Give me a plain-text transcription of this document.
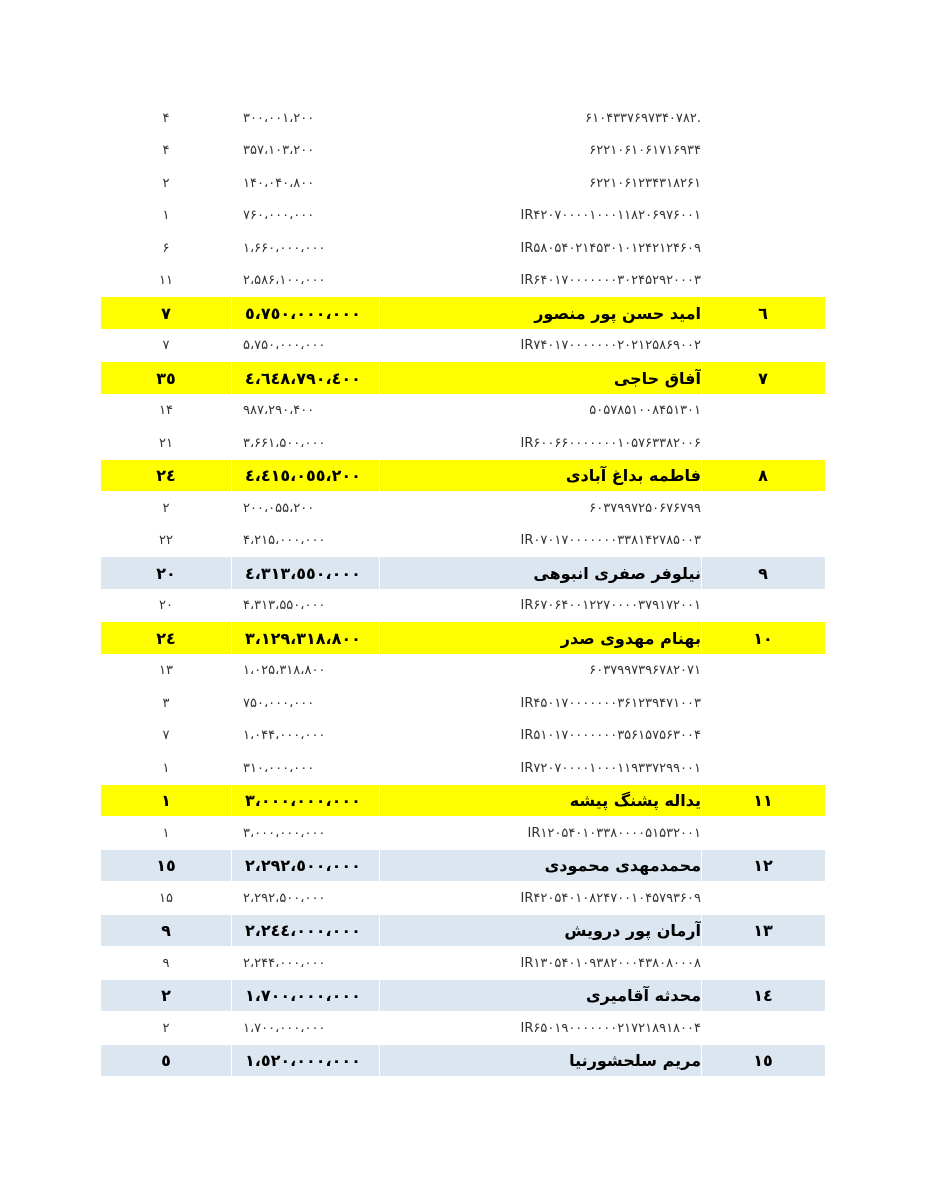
۴	۳۰۰،۰۰۱،۲۰۰	۶۱۰۴۳۳۷۶۹۷۳۴۰۷۸۲.
۴	۳۵۷،۱۰۳،۲۰۰	۶۲۲۱۰۶۱۰۶۱۷۱۶۹۳۴
۲	۱۴۰،۰۴۰،۸۰۰	۶۲۲۱۰۶۱۲۳۴۳۱۸۲۶۱
۱	۷۶۰،۰۰۰،۰۰۰	IR۴۲۰۷۰۰۰۰۱۰۰۰۱۱۸۲۰۶۹۷۶۰۰۱
۶	۱،۶۶۰،۰۰۰،۰۰۰	IR۵۸۰۵۴۰۲۱۴۵۳۰۱۰۱۲۴۲۱۲۴۶۰۹
۱۱	۲،۵۸۶،۱۰۰،۰۰۰	IR۶۴۰۱۷۰۰۰۰۰۰۰۳۰۲۴۵۲۹۲۰۰۰۳
٧	٥،٧٥٠،٠٠٠،٠٠٠	امید حسن پور منصور	٦
۷	۵،۷۵۰،۰۰۰،۰۰۰	IR۷۴۰۱۷۰۰۰۰۰۰۰۲۰۲۱۲۵۸۶۹۰۰۲
٣٥	٤،٦٤٨،٧٩٠،٤٠٠	آفاق حاجی	٧
۱۴	۹۸۷،۲۹۰،۴۰۰	۵۰۵۷۸۵۱۰۰۸۴۵۱۳۰۱
۲۱	۳،۶۶۱،۵۰۰،۰۰۰	IR۶۰۰۶۶۰۰۰۰۰۰۰۱۰۵۷۶۳۳۸۲۰۰۶
٢٤	٤،٤١٥،٠٥٥،٢٠٠	فاطمه بداغ آبادی	٨
۲	۲۰۰،۰۵۵،۲۰۰	۶۰۳۷۹۹۷۲۵۰۶۷۶۷۹۹
۲۲	۴،۲۱۵،۰۰۰،۰۰۰	IR۰۷۰۱۷۰۰۰۰۰۰۰۳۳۸۱۴۲۷۸۵۰۰۳
٢٠	٤،٣١٣،٥٥٠،٠٠٠	نیلوفر صفری انبوهی	٩
۲۰	۴،۳۱۳،۵۵۰،۰۰۰	IR۶۷۰۶۴۰۰۱۲۲۷۰۰۰۰۳۷۹۱۷۲۰۰۱
٢٤	٣،١٢٩،٣١٨،٨٠٠	بهنام مهدوی صدر	١٠
۱۳	۱،۰۲۵،۳۱۸،۸۰۰	۶۰۳۷۹۹۷۳۹۶۷۸۲۰۷۱
۳	۷۵۰،۰۰۰،۰۰۰	IR۴۵۰۱۷۰۰۰۰۰۰۰۳۶۱۲۳۹۴۷۱۰۰۳
۷	۱،۰۴۴،۰۰۰،۰۰۰	IR۵۱۰۱۷۰۰۰۰۰۰۰۳۵۶۱۵۷۵۶۳۰۰۴
۱	۳۱۰،۰۰۰،۰۰۰	IR۷۲۰۷۰۰۰۰۱۰۰۰۱۱۹۳۳۷۲۹۹۰۰۱
١	٣،٠٠٠،٠٠٠،٠٠٠	یداله پشنگ پیشه	١١
۱	۳،۰۰۰،۰۰۰،۰۰۰	IR۱۲۰۵۴۰۱۰۳۳۸۰۰۰۰۵۱۵۳۲۰۰۱
١٥	٢،٢٩٢،٥٠٠،٠٠٠	محمدمهدی محمودی	١٢
۱۵	۲،۲۹۲،۵۰۰،۰۰۰	IR۴۲۰۵۴۰۱۰۸۲۴۷۰۰۱۰۴۵۷۹۳۶۰۹
٩	٢،٢٤٤،٠٠٠،٠٠٠	آرمان پور درویش	١٣
۹	۲،۲۴۴،۰۰۰،۰۰۰	IR۱۳۰۵۴۰۱۰۹۳۸۲۰۰۰۴۳۸۰۸۰۰۰۸
٢	١،٧٠٠،٠٠٠،٠٠٠	محدثه آقامیری	١٤
۲	۱،۷۰۰،۰۰۰،۰۰۰	IR۶۵۰۱۹۰۰۰۰۰۰۰۲۱۷۲۱۸۹۱۸۰۰۴
٥	١،٥٢٠،٠٠٠،٠٠٠	مریم سلحشورنیا	١٥
